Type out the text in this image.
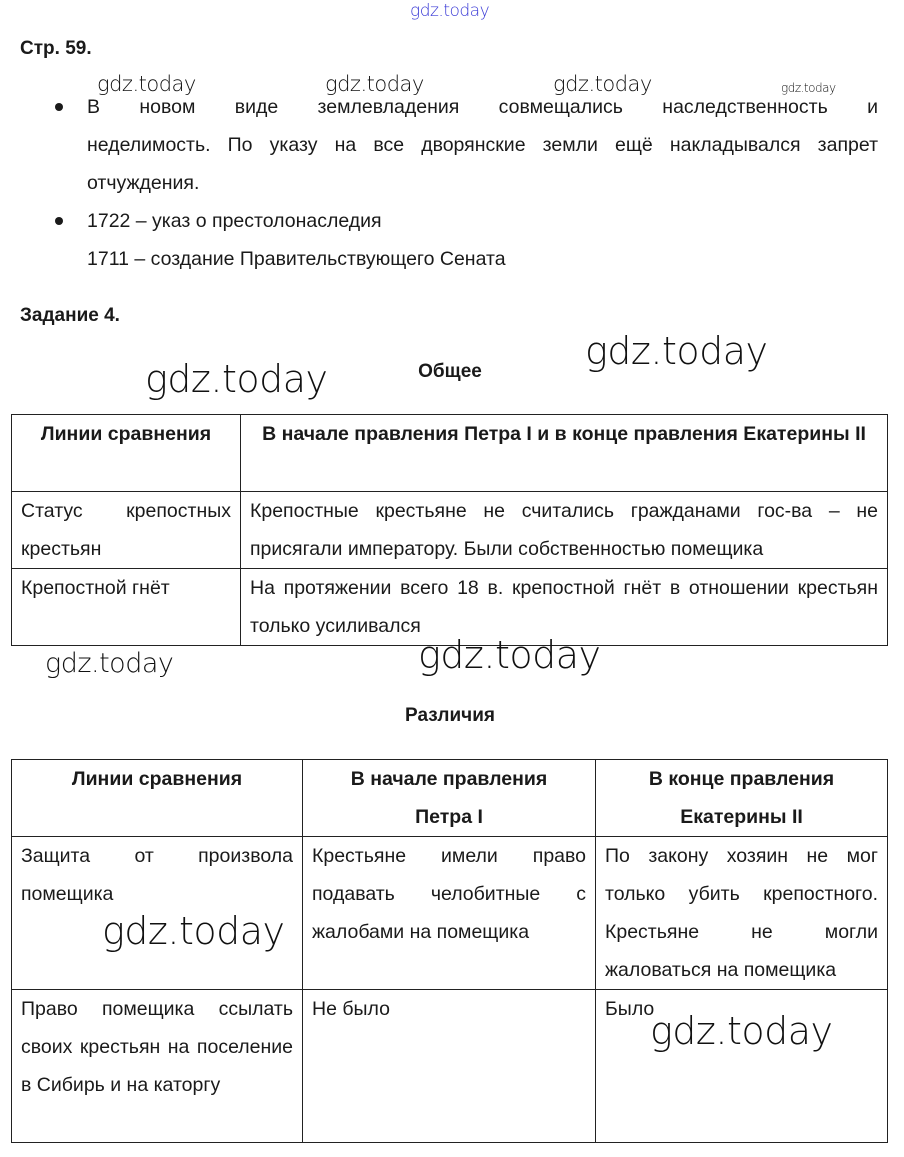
gdz.today
Стр. 59.
gdz.today	gdz.today	gdz.today	gdz.today
В новом виде землевладения совмещались наследственность и
неделимость. По указу на все дворянские земли ещё накладывался запрет отчуждения.
1722 – указ о престолонаследия
1711 – создание Правительствующего Сената
Задание 4.
gdz.today
gdz.today
Общее
Линии сравнения	В начале правления Петра I и в конце правления Екатерины II
Статус крепостных крестьян	Крепостные крестьяне не считались гражданами гос-ва – не присягали императору. Были собственностью помещика
Крепостной гнёт	На протяжении всего 18 в. крепостной гнёт в отношении крестьян только усиливался
gdz.today	gdz.today
Различия
Линии сравнения	В начале правления Петра I	В конце правления Екатерины II
Защита от произвола помещика	Крестьяне имели право подавать челобитные с жалобами на помещика	По закону хозяин не мог только убить крепостного. Крестьяне не могли жаловаться на помещика
Право помещика ссылать своих крестьян на поселение в Сибирь и на каторгу	Не было	Было
gdz.today
gdz.today
